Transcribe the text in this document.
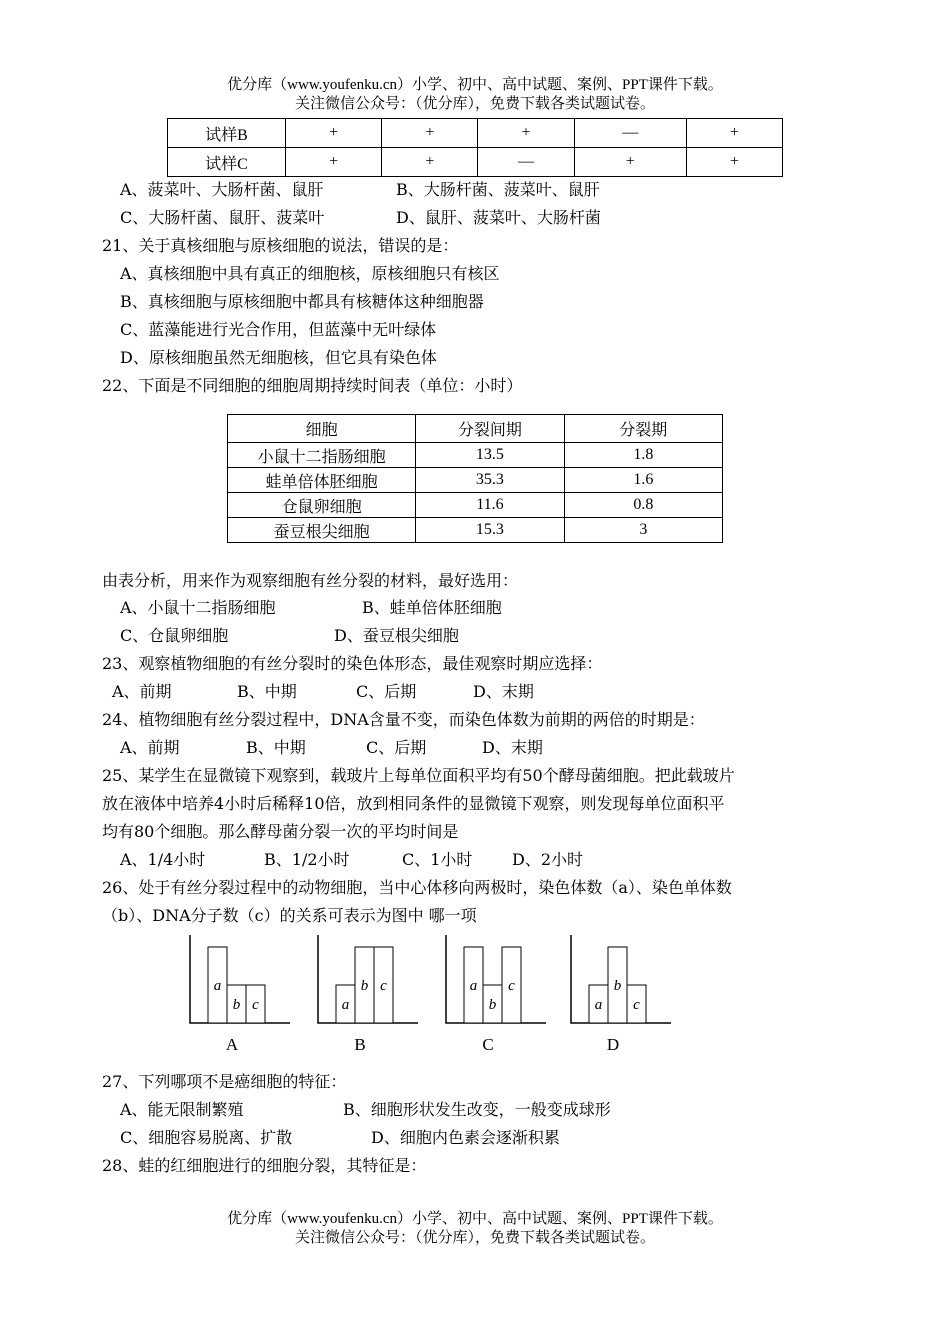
优分库（www.youfenku.cn）小学、初中、高中试题、案例、PPT课件下载。
关注微信公众号：（优分库），免费下载各类试题试卷。
试样B	+	+	+	—	+
试样C	+	+	—	+	+
A、菠菜叶、大肠杆菌、鼠肝	B、大肠杆菌、菠菜叶、鼠肝
C、大肠杆菌、鼠肝、菠菜叶	D、鼠肝、菠菜叶、大肠杆菌
21、关于真核细胞与原核细胞的说法，错误的是：
A、真核细胞中具有真正的细胞核，原核细胞只有核区
B、真核细胞与原核细胞中都具有核糖体这种细胞器
C、蓝藻能进行光合作用，但蓝藻中无叶绿体
D、原核细胞虽然无细胞核，但它具有染色体
22、下面是不同细胞的细胞周期持续时间表（单位：小时）
细胞	分裂间期	分裂期
小鼠十二指肠细胞	13.5	1.8
蛙单倍体胚细胞	35.3	1.6
仓鼠卵细胞	11.6	0.8
蚕豆根尖细胞	15.3	3
由表分析，用来作为观察细胞有丝分裂的材料，最好选用：
A、小鼠十二指肠细胞	B、蛙单倍体胚细胞
C、仓鼠卵细胞	D、蚕豆根尖细胞
23、观察植物细胞的有丝分裂时的染色体形态，最佳观察时期应选择：
A、前期	B、中期	C、后期	D、末期
24、植物细胞有丝分裂过程中，DNA含量不变，而染色体数为前期的两倍的时期是：
A、前期	B、中期	C、后期	D、末期
25、某学生在显微镜下观察到，载玻片上每单位面积平均有50个酵母菌细胞。把此载玻片
放在液体中培养4小时后稀释10倍，放到相同条件的显微镜下观察，则发现每单位面积平
均有80个细胞。那么酵母菌分裂一次的平均时间是
A、1/4小时	B、1/2小时	C、1小时 D、2小时
26、处于有丝分裂过程中的动物细胞，当中心体移向两极时，染色体数（a）、染色单体数
（b）、DNA分子数（c）的关系可表示为图中 哪一项
a
b c
A
a
b c
B
a
b
c
C
a
b
c
D
27、下列哪项不是癌细胞的特征：
A、能无限制繁殖	B、细胞形状发生改变，一般变成球形
C、细胞容易脱离、扩散	D、细胞内色素会逐渐积累
28、蛙的红细胞进行的细胞分裂，其特征是：
优分库（www.youfenku.cn）小学、初中、高中试题、案例、PPT课件下载。
关注微信公众号：（优分库），免费下载各类试题试卷。
